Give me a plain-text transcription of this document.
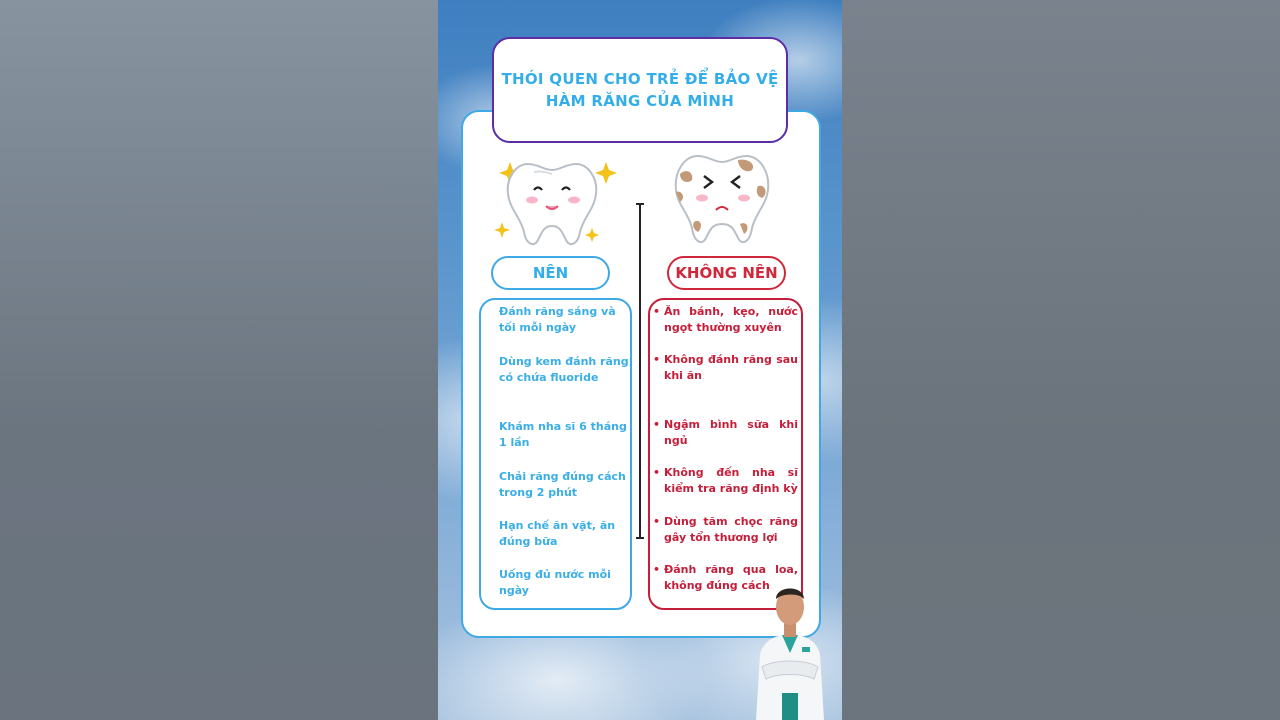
THÓI QUEN CHO TRẺ ĐỂ BẢO VỆ
HÀM RĂNG CỦA MÌNH
NÊN	KHÔNG NÊN
Đánh răng sáng và tối mỗi ngày
Dùng kem đánh răng có chứa fluoride
Khám nha sĩ 6 tháng 1 lần
Chải răng đúng cách trong 2 phút
Hạn chế ăn vặt, ăn đúng bữa
Uống đủ nước mỗi ngày
• Ăn bánh, kẹo, nước ngọt thường xuyên
• Không đánh răng sau khi ăn
• Ngậm bình sữa khi ngủ
• Không đến nha sĩ kiểm tra răng định kỳ
• Dùng tăm chọc răng gây tổn thương lợi
• Đánh răng qua loa, không đúng cách
